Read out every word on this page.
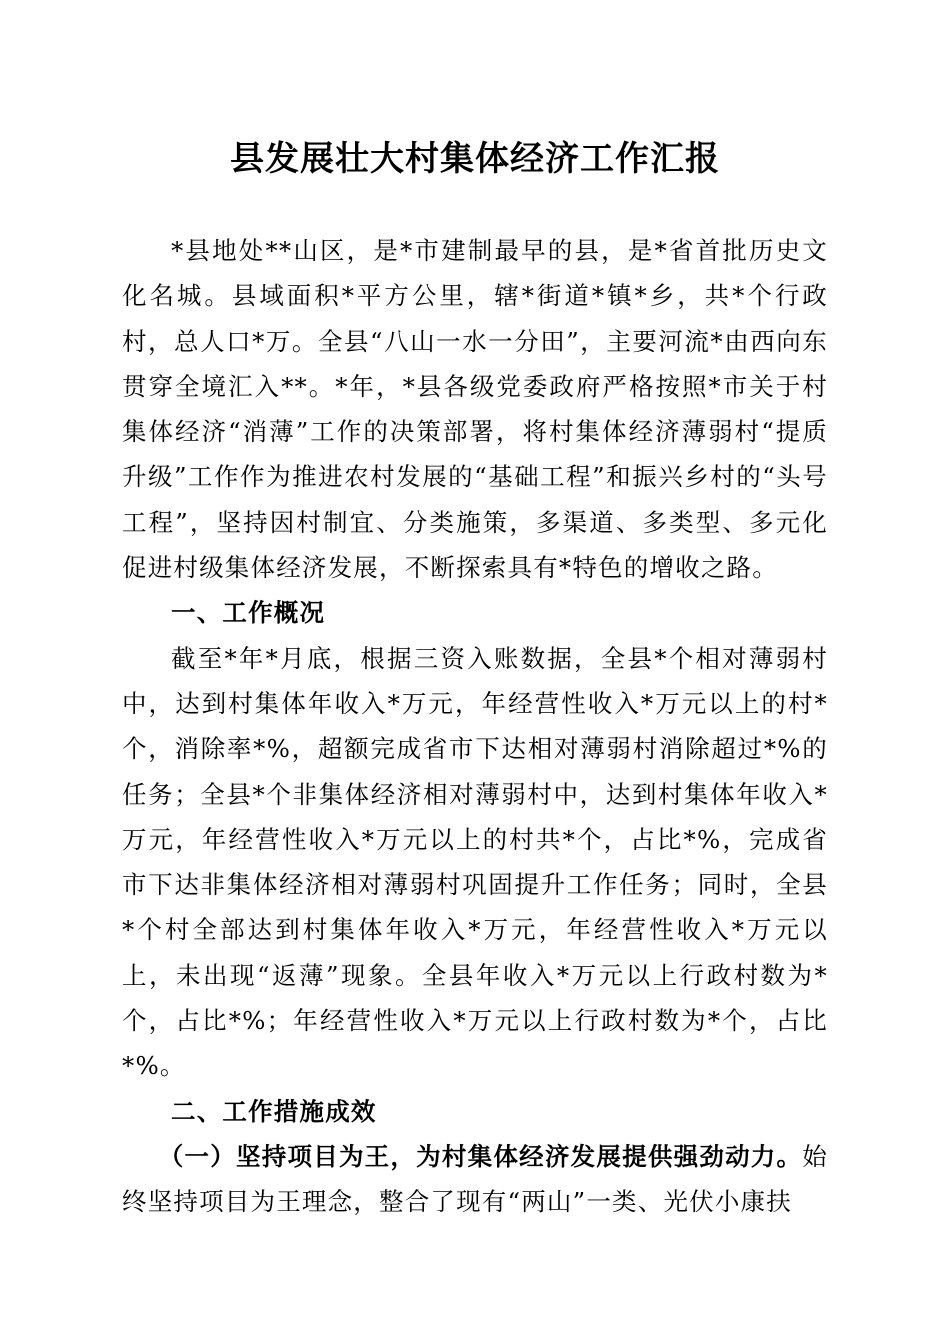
县发展壮大村集体经济工作汇报

*县地处**山区，是*市建制最早的县，是*省首批历史文化名城。县域面积*平方公里，辖*街道*镇*乡，共*个行政村，总人口*万。全县“八山一水一分田”，主要河流*由西向东贯穿全境汇入**。*年，*县各级党委政府严格按照*市关于村集体经济“消薄”工作的决策部署，将村集体经济薄弱村“提质升级”工作作为推进农村发展的“基础工程”和振兴乡村的“头号工程”，坚持因村制宜、分类施策，多渠道、多类型、多元化促进村级集体经济发展，不断探索具有*特色的增收之路。

一、工作概况

截至*年*月底，根据三资入账数据，全县*个相对薄弱村中，达到村集体年收入*万元，年经营性收入*万元以上的村*个，消除率*%，超额完成省市下达相对薄弱村消除超过*%的任务；全县*个非集体经济相对薄弱村中，达到村集体年收入*万元，年经营性收入*万元以上的村共*个，占比*%，完成省市下达非集体经济相对薄弱村巩固提升工作任务；同时，全县*个村全部达到村集体年收入*万元，年经营性收入*万元以上，未出现“返薄”现象。全县年收入*万元以上行政村数为*个，占比*%；年经营性收入*万元以上行政村数为*个，占比*%。

二、工作措施成效

（一）坚持项目为王，为村集体经济发展提供强劲动力。始终坚持项目为王理念，整合了现有“两山”一类、光伏小康扶
